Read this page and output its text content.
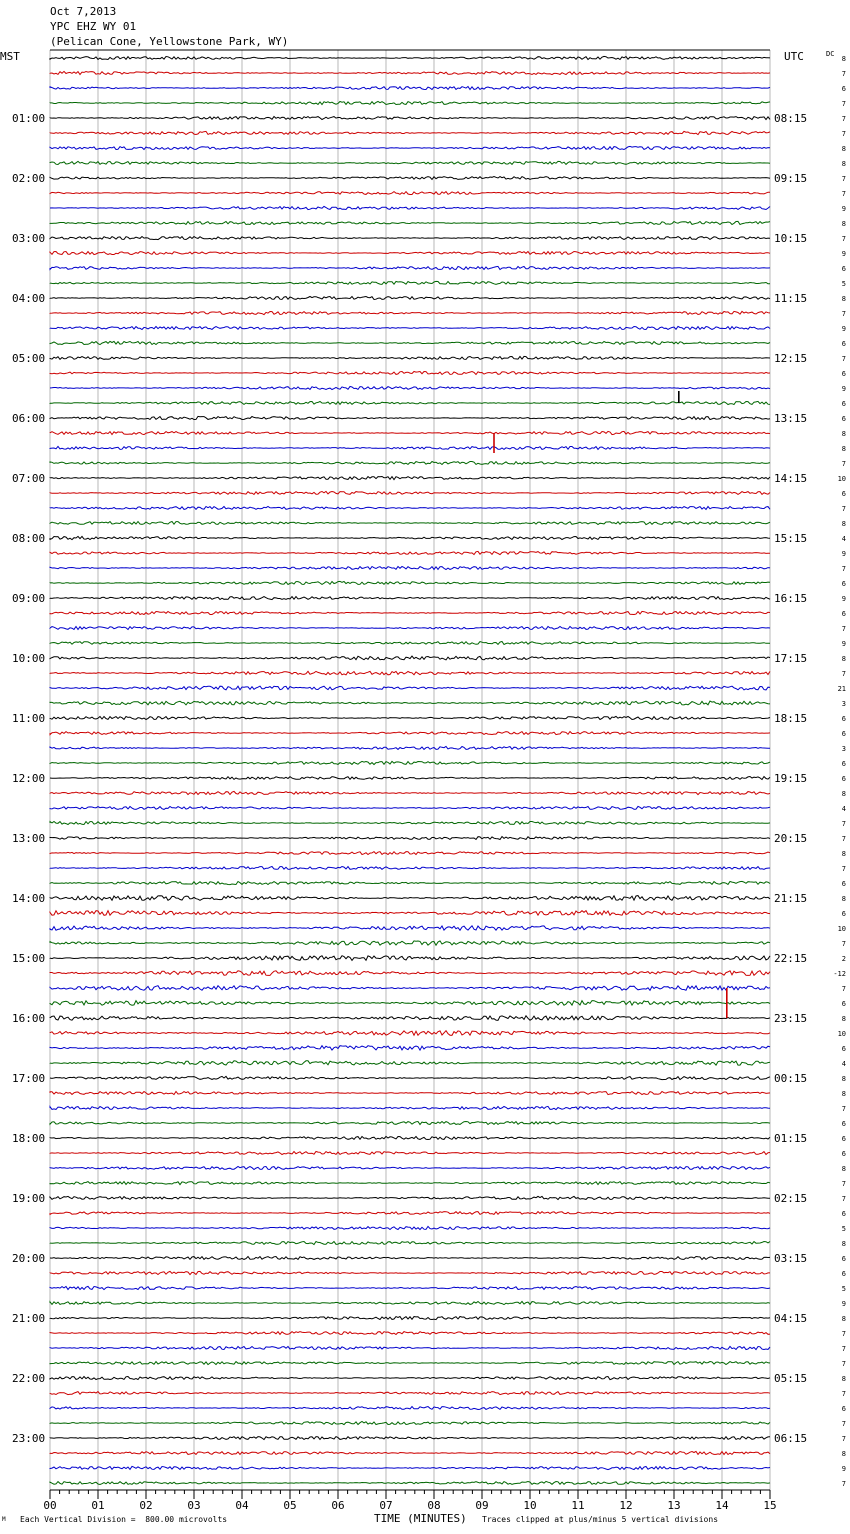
Oct 7,2013
YPC EHZ WY 01
(Pelican Cone, Yellowstone Park, WY)
MST	UTC	DC
01:00	08:15
02:00	09:15
03:00	10:15
04:00	11:15
05:00	12:15
06:00	13:15
07:00	14:15
08:00	15:15
09:00	16:15
10:00	17:15
11:00	18:15
12:00	19:15
13:00	20:15
14:00	21:15
15:00	22:15
16:00	23:15
17:00	00:15
18:00	01:15
19:00	02:15
20:00	03:15
21:00	04:15
22:00	05:15
23:00	06:15
8
7
6
7
7
7
8
8
7
7
9
8
7
9
6
5
8
7
9
6
7
6
9
6
6
8
8
7
10
6
7
8
4
9
7
6
9
6
7
9
8
7
21
3
6
6
3
6
6
8
4
7
7
8
7
6
8
6
10
7
2
-12
7
6
8
10
6
4
8
8
7
6
6
6
8
7
7
6
5
8
6
6
5
9
8
7
7
7
8
7
6
7
7
8
9
7
00	01	02	03	04	05	06	07	08	09	10	11	12	13	14	15
M Each Vertical Division =  800.00 microvolts	TIME (MINUTES) Traces clipped at plus/minus 5 vertical divisions
